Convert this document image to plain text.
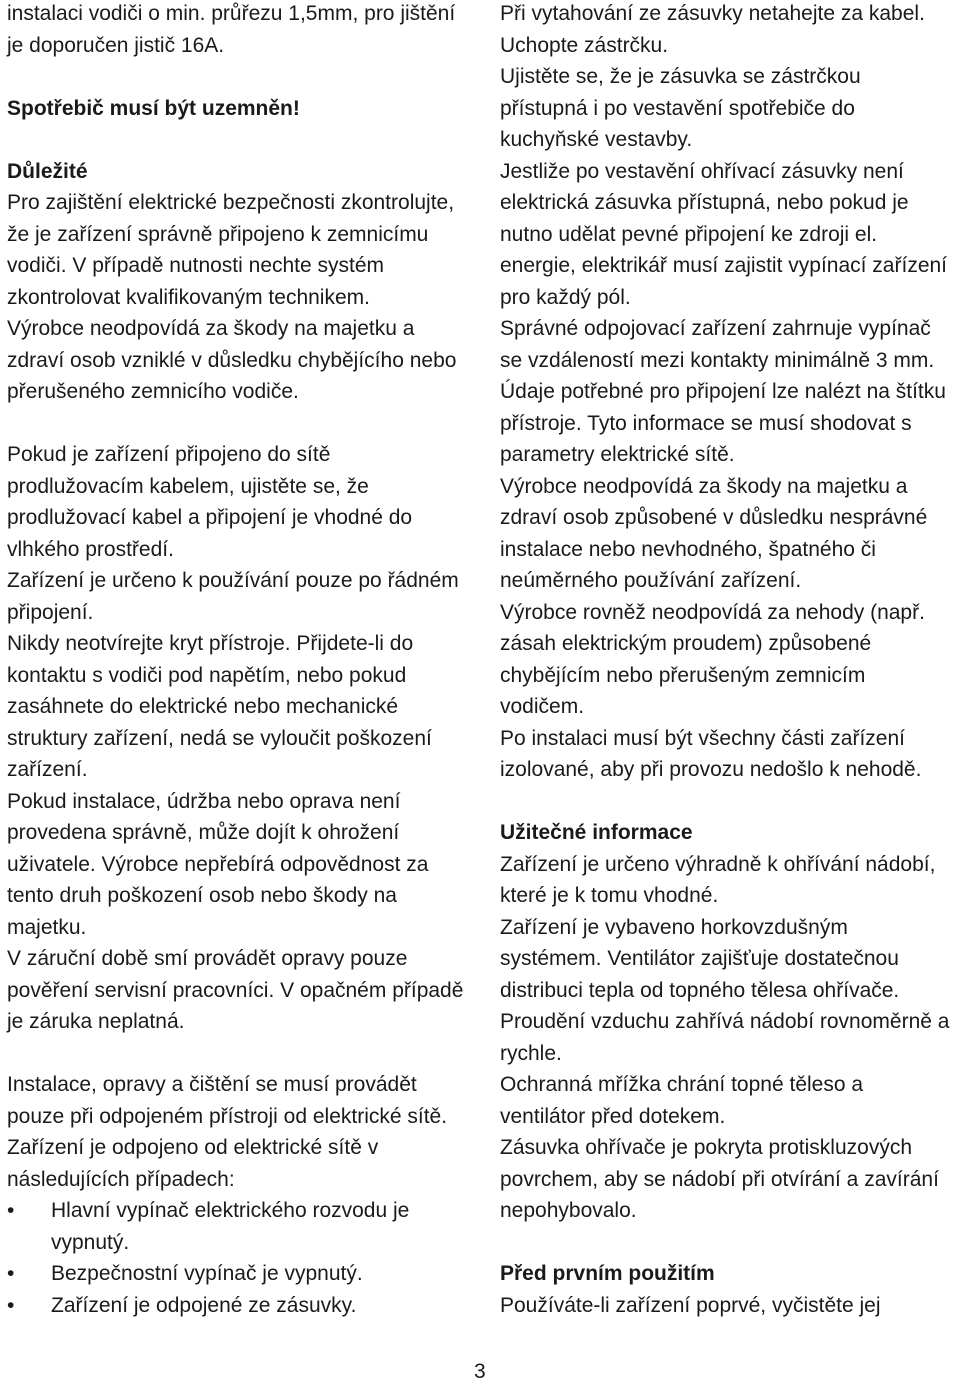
instalaci vodiči o min. průřezu 1,5mm, pro jištění je doporučen jistič 16A.

Spotřebič musí být uzemněn!

Důležité

Pro zajištění elektrické bezpečnosti zkontrolujte, že je zařízení správně připojeno k zemnicímu vodiči. V případě nutnosti nechte systém zkontrolovat kvalifikovaným technikem.

Výrobce neodpovídá za škody na majetku a zdraví osob vzniklé v důsledku chybějícího nebo přerušeného zemnicího vodiče.

Pokud je zařízení připojeno do sítě prodlužovacím kabelem, ujistěte se, že prodlužovací kabel a připojení je vhodné do vlhkého prostředí.

Zařízení je určeno k používání pouze po řádném připojení.

Nikdy neotvírejte kryt přístroje. Přijdete-li do kontaktu s vodiči pod napětím, nebo pokud zasáhnete do elektrické nebo mechanické struktury zařízení, nedá se vyloučit poškození zařízení.

Pokud instalace, údržba nebo oprava není provedena správně, může dojít k ohrožení uživatele. Výrobce nepřebírá odpovědnost za tento druh poškození osob nebo škody na majetku.

V záruční době smí provádět opravy pouze pověření servisní pracovníci. V opačném případě je záruka neplatná.

Instalace, opravy a čištění se musí provádět pouze při odpojeném přístroji od elektrické sítě. Zařízení je odpojeno od elektrické sítě v následujících případech:

•	Hlavní vypínač elektrického rozvodu je vypnutý.
•	Bezpečnostní vypínač je vypnutý.
•	Zařízení je odpojené ze zásuvky.

Při vytahování ze zásuvky netahejte za kabel. Uchopte zástrčku.

Ujistěte se, že je zásuvka se zástrčkou přístupná i po vestavění spotřebiče do kuchyňské vestavby.

Jestliže po vestavění ohřívací zásuvky není elektrická zásuvka přístupná, nebo pokud je nutno udělat pevné připojení ke zdroji el. energie, elektrikář musí zajistit vypínací zařízení pro každý pól.

Správné odpojovací zařízení zahrnuje vypínač se vzdáleností mezi kontakty minimálně 3 mm. Údaje potřebné pro připojení lze nalézt na štítku přístroje. Tyto informace se musí shodovat s parametry elektrické sítě.

Výrobce neodpovídá za škody na majetku a zdraví osob způsobené v důsledku nesprávné instalace nebo nevhodného, špatného či neúměrného používání zařízení.

Výrobce rovněž neodpovídá za nehody (např. zásah elektrickým proudem) způsobené chybějícím nebo přerušeným zemnicím vodičem.

Po instalaci musí být všechny části zařízení izolované, aby při provozu nedošlo k nehodě.

Užitečné informace

Zařízení je určeno výhradně k ohřívání nádobí, které je k tomu vhodné.

Zařízení je vybaveno horkovzdušným systémem. Ventilátor zajišťuje dostatečnou distribuci tepla od topného tělesa ohřívače.

Proudění vzduchu zahřívá nádobí rovnoměrně a rychle.

Ochranná mřížka chrání topné těleso a ventilátor před dotekem.

Zásuvka ohřívače je pokryta protiskluzových povrchem, aby se nádobí při otvírání a zavírání nepohybovalo.

Před prvním použitím

Používáte-li zařízení poprvé, vyčistěte jej

3
